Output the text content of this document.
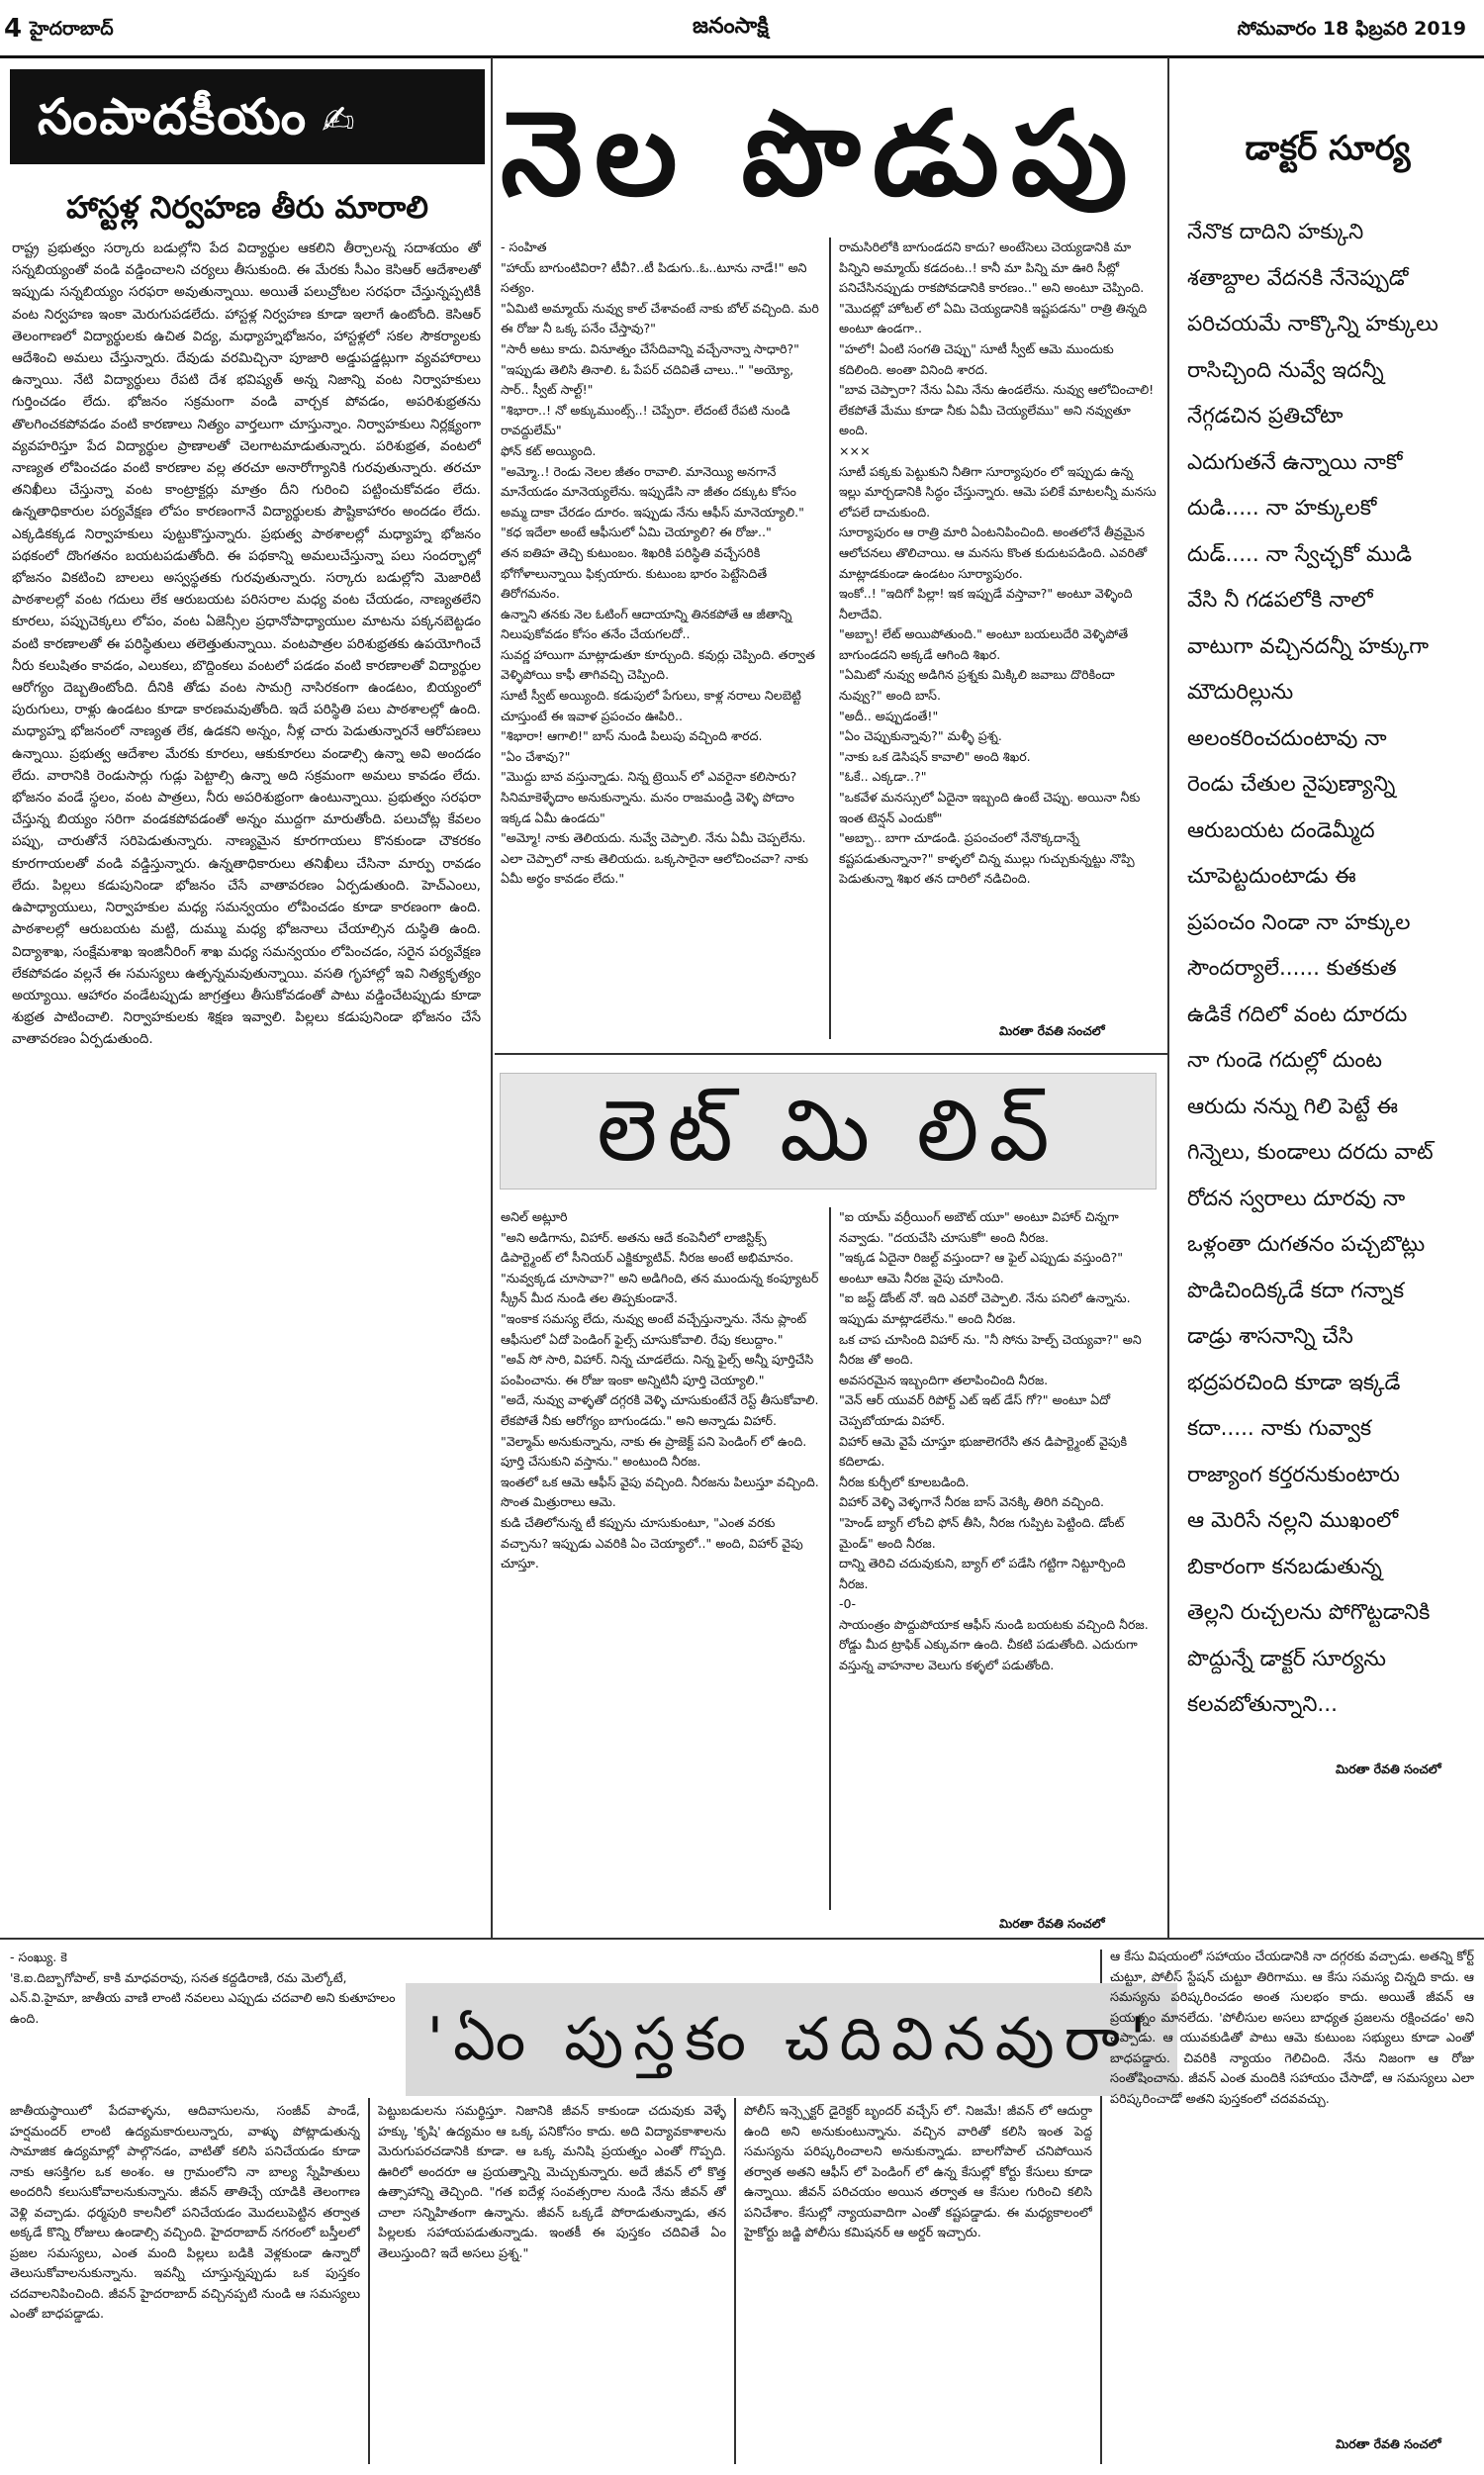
4 హైదరాబాద్	జనంసాక్షి	సోమవారం 18 ఫిబ్రవరి 2019
సంపాదకీయం ✍
హాస్టళ్ల నిర్వహణ తీరు మారాలి
రాష్ట్ర ప్రభుత్వం సర్కారు బడుల్లోని పేద విద్యార్థుల ఆకలిని తీర్చాలన్న సదాశయం తో సన్నబియ్యంతో వండి వడ్డించాలని చర్యలు తీసుకుంది. ఈ మేరకు సీఎం కెసిఆర్ ఆదేశాలతో ఇప్పుడు సన్నబియ్యం సరఫరా అవుతున్నాయి. అయితే పలుచ్రోటల సరఫరా చేస్తున్నప్పటికీ వంట నిర్వహణ ఇంకా మెరుగుపడలేదు. హాస్టళ్ల నిర్వహణ కూడా ఇలాగే ఉంటోంది. కెసిఆర్ తెలంగాణలో విద్యార్థులకు ఉచిత విద్య, మధ్యాహ్నభోజనం, హాస్టళ్లలో సకల సౌకర్యాలకు ఆదేశించి అమలు చేస్తున్నారు. దేవుడు వరమిచ్చినా పూజారి అడ్డుపడ్డట్లుగా వ్యవహారాలు ఉన్నాయి. నేటి విద్యార్థులు రేపటి దేశ భవిష్యత్ అన్న నిజాన్ని వంట నిర్వాహకులు గుర్తించడం లేదు. భోజనం సక్రమంగా వండి వార్చక పోవడం, అపరిశుభ్రతను తొలగించకపోవడం వంటి కారణాలు నిత్యం వార్తలుగా చూస్తున్నాం. నిర్వాహకులు నిర్లక్ష్యంగా వ్యవహరిస్తూ పేద విద్యార్థుల ప్రాణాలతో చెలగాటమాడుతున్నారు. పరిశుభ్రత, వంటలో నాణ్యత లోపించడం వంటి కారణాల వల్ల తరచూ అనారోగ్యానికి గురవుతున్నారు. తరచూ తనిఖీలు చేస్తున్నా వంట కాంట్రాక్టర్లు మాత్రం దీని గురించి పట్టించుకోవడం లేదు. ఉన్నతాధికారుల పర్యవేక్షణ లోపం కారణంగానే విద్యార్థులకు పౌష్టికాహారం అందడం లేదు. ఎక్కడికక్కడ నిర్వాహకులు పుట్టుకొస్తున్నారు. ప్రభుత్వ పాఠశాలల్లో మధ్యాహ్న భోజనం పథకంలో దొంగతనం బయటపడుతోంది. ఈ పథకాన్ని అమలుచేస్తున్నా పలు సందర్భాల్లో భోజనం వికటించి బాలలు అస్వస్థతకు గురవుతున్నారు. సర్కారు బడుల్లోని మెజారిటీ పాఠశాలల్లో వంట గదులు లేక ఆరుబయట పరిసరాల మధ్య వంట చేయడం, నాణ్యతలేని కూరలు, పప్పుచెక్కలు లోపం, వంట ఏజెన్సీల ప్రధానోపాధ్యాయుల మాటను పక్కనబెట్టడం వంటి కారణాలతో ఈ పరిస్థితులు తలెత్తుతున్నాయి. వంటపాత్రల పరిశుభ్రతకు ఉపయోగించే నీరు కలుషితం కావడం, ఎలుకలు, బొద్దింకలు వంటలో పడడం వంటి కారణాలతో విద్యార్థుల ఆరోగ్యం దెబ్బతింటోంది. దీనికి తోడు వంట సామగ్రి నాసిరకంగా ఉండటం, బియ్యంలో పురుగులు, రాళ్లు ఉండటం కూడా కారణమవుతోంది. ఇదే పరిస్థితి పలు పాఠశాలల్లో ఉంది. మధ్యాహ్న భోజనంలో నాణ్యత లేక, ఉడకని అన్నం, నీళ్ల చారు పెడుతున్నారనే ఆరోపణలు ఉన్నాయి. ప్రభుత్వ ఆదేశాల మేరకు కూరలు, ఆకుకూరలు వండాల్సి ఉన్నా అవి అందడం లేదు. వారానికి రెండుసార్లు గుడ్లు పెట్టాల్సి ఉన్నా అది సక్రమంగా అమలు కావడం లేదు. భోజనం వండే స్థలం, వంట పాత్రలు, నీరు అపరిశుభ్రంగా ఉంటున్నాయి. ప్రభుత్వం సరఫరా చేస్తున్న బియ్యం సరిగా వండకపోవడంతో అన్నం ముద్దగా మారుతోంది. పలుచోట్ల కేవలం పప్పు, చారుతోనే సరిపెడుతున్నారు. నాణ్యమైన కూరగాయలు కొనకుండా చౌకరకం కూరగాయలతో వండి వడ్డిస్తున్నారు. ఉన్నతాధికారులు తనిఖీలు చేసినా మార్పు రావడం లేదు. పిల్లలు కడుపునిండా భోజనం చేసే వాతావరణం ఏర్పడుతుంది. హెచ్ఎంలు, ఉపాధ్యాయులు, నిర్వాహకుల మధ్య సమన్వయం లోపించడం కూడా కారణంగా ఉంది. పాఠశాలల్లో ఆరుబయట మట్టి, దుమ్ము మధ్య భోజనాలు చేయాల్సిన దుస్థితి ఉంది. విద్యాశాఖ, సంక్షేమశాఖ ఇంజినీరింగ్ శాఖ మధ్య సమన్వయం లోపించడం, సరైన పర్యవేక్షణ లేకపోవడం వల్లనే ఈ సమస్యలు ఉత్పన్నమవుతున్నాయి. వసతి గృహాల్లో ఇవి నిత్యకృత్యం అయ్యాయి. ఆహారం వండేటప్పుడు జాగ్రత్తలు తీసుకోవడంతో పాటు వడ్డించేటప్పుడు కూడా శుభ్రత పాటించాలి. నిర్వాహకులకు శిక్షణ ఇవ్వాలి. పిల్లలు కడుపునిండా భోజనం చేసే వాతావరణం ఏర్పడుతుంది.
నెల పొడుపు

- సంహిత

"హాయ్ బాగుంటివిరా? టీవీ?..టీ పిడుగు..ఓ..టూను నాడే!" అని సత్యం.

"ఏమిటి అమ్మాయ్ నువ్వు కాల్ చేశావంటే నాకు బోల్ వచ్చింది. మరి ఈ రోజు నీ ఒక్క పనేం చేస్తావు?"

"సారీ అటు కాదు. వినూత్నం చేసేదివాన్ని వచ్చేనాన్నా సాధారి?"

"ఇప్పుడు తెలిసి తినాలి. ఓ పేపర్ చదివితే చాలు.." "అయ్యో, సార్.. స్వీట్ సాల్ట్!"

"శిభారా..! నో అక్కుముంట్స్..! చెప్పేరా. లేదంటే రేపటి నుండి రావద్దులేమ్"

ఫోన్ కట్ అయ్యింది.

"అమ్మో..! రెండు నెలల జీతం రావాలి. మానెయ్యి అనగానే మానేయడం మానెయ్యలేను. ఇప్పుడేసి నా జీతం దక్కుట కోసం అమ్మ దాకా చేరడం దూరం. ఇప్పుడు నేను ఆఫీస్ మానెయ్యాలి."

"కధ ఇదేలా అంటే ఆఫీసులో ఏమి చెయ్యాలి? ఈ రోజు.."

తన ఐతిహ తెచ్చి కుటుంబం. శిఖరికి పరిస్థితి వచ్చేసరికి భోగోళాలున్నాయి ఫిక్సయారు. కుటుంబ భారం పెట్టేసెదితే తిరోగమనం.

ఉన్నాని తనకు నెల ఓటింగ్ ఆదాయాన్ని తినకపోతే ఆ జీతాన్ని నిలుపుకోవడం కోసం తనేం చేయగలదో..

సువర్ణ హాయిగా మాట్లాడుతూ కూర్చుంది. కవుర్లు చెప్పింది. తర్వాత వెళ్ళిపోయి కాఫీ తాగివచ్చి చెప్పింది.

సూటీ స్వీట్ అయ్యింది. కడుపులో పేగులు, కాళ్ల నరాలు నిలబెట్టి చూస్తుంటే ఈ ఇవాళ ప్రపంచం ఊపిరి..

"శిభారా! ఆగాలి!" బాస్ నుండి పిలుపు వచ్చింది శారద.

"ఏం చేశావు?"

"మొద్దు బావ వస్తున్నాడు. నిన్న ట్రెయిన్ లో ఎవరైనా కలిసారు? సినిమాకెళ్ళేదాం అనుకున్నాను. మనం రాజమండ్రి వెళ్ళి పోదాం ఇక్కడ ఏమీ ఉండదు"

"అమ్మో! నాకు తెలియదు. నువ్వే చెప్పాలి. నేను ఏమీ చెప్పలేను. ఎలా చెప్పాలో నాకు తెలియదు. ఒక్కసారైనా ఆలోచించవా? నాకు ఏమీ అర్థం కావడం లేదు."

రామసిరిలోకి బాగుండదని కాదు? అంటేసెలు చెయ్యడానికి మా పిన్నిని అమ్మాయ్ కడదంట..! కానీ మా పిన్ని మా ఊరి సీట్లో పనిచేసినప్పుడు రాకపోవడానికి కారణం.." అని అంటూ చెప్పింది.

"మొదట్లో హోటల్ లో ఏమి చెయ్యడానికి ఇష్టపడను" రాత్రి తిన్నది అంటూ ఉండగా..

"హలో! ఏంటి సంగతి చెప్పు" సూటీ స్వీట్ ఆమె ముందుకు కదిలింది. అంతా వినింది శారద.

"బావ చెప్పారా? నేను ఏమి నేను ఉండలేను. నువ్వు ఆలోచించాలి! లేకపోతే మేము కూడా నీకు ఏమీ చెయ్యలేము" అని నవ్వుతూ అంది.

×××

సూటీ పక్కకు పెట్టుకుని నీతిగా సూర్యాపురం లో ఇప్పుడు ఉన్న ఇల్లు మార్చడానికి సిద్ధం చేస్తున్నారు. ఆమె పలికే మాటలన్నీ మనసు లోపలే దాచుకుంది.

సూర్యాపురం ఆ రాత్రి మారి ఏంటనిపించింది. అంతలోనే తీవ్రమైన ఆలోచనలు తొలిచాయి. ఆ మనసు కొంత కుదుటపడింది. ఎవరితో మాట్లాడకుండా ఉండటం సూర్యాపురం.

ఇంకో..! "ఇదిగో పిల్లా! ఇక ఇప్పుడే వస్తావా?" అంటూ వెళ్ళింది నీలాదేవి.

"అబ్బా! లేట్ అయిపోతుంది." అంటూ బయలుదేరి వెళ్ళిపోతే బాగుండదని అక్కడే ఆగింది శిఖర.

"ఏమిటో నువ్వు అడిగిన ప్రశ్నకు మిక్కిలి జవాబు దొరికిందా నువ్వు?" అంది బాస్.

"అదీ.. అప్పుడంతే!"

"ఏం చెప్పుకున్నావు?" మళ్ళీ ప్రశ్న.

"నాకు ఒక డెసిషన్ కావాలి" అంది శిఖర.

"ఓకే.. ఎక్కడా..?"

"ఒకవేళ మనస్సులో ఏదైనా ఇబ్బంది ఉంటే చెప్పు. అయినా నీకు ఇంత టెన్షన్ ఎందుకో"

"అబ్బా.. బాగా చూడండి. ప్రపంచంలో నేనొక్కదాన్నే కష్టపడుతున్నానా?" కాళ్ళలో చిన్న ముల్లు గుచ్చుకున్నట్టు నొప్పి పెడుతున్నా శిఖర తన దారిలో నడిచింది.

మిరతా రేవతి సంచలో
డాక్టర్ సూర్య
నేనొక దాదిని హక్కుని
శతాబ్దాల వేదనకి నేనెప్పుడో
పరిచయమే నాక్కొన్ని హక్కులు
రాసిచ్చింది నువ్వే ఇదన్నీ
నేగ్గడచిన ప్రతిచోటా
ఎదుగుతనే ఉన్నాయి నాకో
దుడి..... నా హక్కులకో
దుడ్..... నా స్వేచ్ఛకో ముడి
వేసి నీ గడపలోకి నాలో
వాటుగా వచ్చినదన్నీ హక్కుగా
మౌదురిల్లును
అలంకరించదుంటావు నా
రెండు చేతుల నైపుణ్యాన్ని
ఆరుబయట దండెమ్మీద
చూపెట్టదుంటాడు ఈ
ప్రపంచం నిండా నా హక్కుల
సౌందర్యాలే...... కుతకుత
ఉడికే గదిలో వంట దూరదు
నా గుండె గదుల్లో దుంట
ఆరుదు నన్ను గిలి పెట్టే ఈ
గిన్నెలు, కుండాలు దరదు వాట్
రోదన స్వరాలు దూరవు నా
ఒళ్లంతా దుగతనం పచ్చబొట్లు
పొడిచిందిక్కడే కదా గన్నాక
డాడ్రు శాసనాన్ని చేసి
భద్రపరచింది కూడా ఇక్కడే
కదా..... నాకు గువ్వాక
రాజ్యాంగ కర్తరనుకుంటారు
ఆ మెరిసే నల్లని ముఖంలో
బికారంగా కనబడుతున్న
తెల్లని రుచ్చలను పోగొట్టడానికి
పొద్దున్నే డాక్టర్ సూర్యను
కలవబోతున్నాని...
మిరతా రేవతి సంచలో
లెట్ మి లివ్

అనిల్ అట్లూరి

"అని అడిగాను, విహార్. అతను ఆదే కంపెనీలో లాజిస్టిక్స్ డిపార్ట్మెంట్ లో సీనియర్ ఎక్జిక్యూటివ్. నీరజ అంటే అభిమానం.

"నువ్వక్కడ చూసావా?" అని అడిగింది, తన ముందున్న కంప్యూటర్ స్క్రీన్ మీద నుండి తల తిప్పకుండానే.

"ఇంకాక సమస్య లేదు, నువ్వు అంటే వచ్చేస్తున్నాను. నేను ప్లాంట్ ఆఫీసులో ఏదో పెండింగ్ ఫైల్స్ చూసుకోవాలి. రేపు కలుద్దాం."

"అవ్ సో సారి, విహార్. నిన్న చూడలేదు. నిన్న ఫైల్స్ అన్నీ పూర్తిచేసి పంపించాను. ఈ రోజు ఇంకా అన్నిటినీ పూర్తి చెయ్యాలి."

"అదే, నువ్వు వాళ్ళతో దగ్గరకి వెళ్ళి చూసుకుంటేనే రెస్ట్ తీసుకోవాలి. లేకపోతే నీకు ఆరోగ్యం బాగుండదు." అని అన్నాడు విహార్.

"వెల్మామ్ అనుకున్నాను, నాకు ఈ ప్రాజెక్ట్ పని పెండింగ్ లో ఉంది. పూర్తి చేసుకుని వస్తాను." అంటుంది నీరజ.

ఇంతలో ఒక ఆమె ఆఫీస్ వైపు వచ్చింది. నీరజను పిలుస్తూ వచ్చింది. సొంత మిత్రురాలు ఆమె.

కుడి చేతిలోనున్న టీ కప్పును చూసుకుంటూ, "ఎంత వరకు వచ్చాను? ఇప్పుడు ఎవరికి ఏం చెయ్యాలో.." అంది, విహార్ వైపు చూస్తూ.

"ఐ యామ్ వర్రీయింగ్ అబౌట్ యూ" అంటూ విహార్ చిన్నగా నవ్వాడు. "దయచేసి చూసుకో" అంది నీరజ.

"ఇక్కడ ఏదైనా రిజల్ట్ వస్తుందా? ఆ ఫైల్ ఎప్పుడు వస్తుంది?" అంటూ ఆమె నీరజ వైపు చూసింది.

"ఐ జస్ట్ డోంట్ నో. ఇది ఎవరో చెప్పాలి. నేను పనిలో ఉన్నాను. ఇప్పుడు మాట్లాడలేను." అంది నీరజ.

ఒక చాప చూసింది విహార్ ను. "నీ సోను హెల్ప్ చెయ్యవా?" అని నీరజ తో అంది.

అవసరమైన ఇబ్బందిగా తలాపించింది నీరజ.

"వెన్ ఆర్ యువర్ రిపోర్ట్ ఎట్ ఇట్ డేస్ గో?" అంటూ ఏదో చెప్పబోయాడు విహార్.

విహార్ ఆమె వైపే చూస్తూ భుజాలెగరేసి తన డిపార్ట్మెంట్ వైపుకి కదిలాడు.

నీరజ కుర్చీలో కూలబడింది.

విహార్ వెళ్ళి వెళ్ళగానే నీరజ బాస్ వెనక్కి తిరిగి వచ్చింది.

"హెండ్ బ్యాగ్ లోంచి ఫోన్ తీసి, నీరజ గుప్పిట పెట్టింది. డోంట్ మైండ్" అంది నీరజ.

దాన్ని తెరిచి చదువుకుని, బ్యాగ్ లో పడేసి గట్టిగా నిట్టూర్చింది నీరజ.

-0-

సాయంత్రం పొద్దుపోయాక ఆఫీస్ నుండి బయటకు వచ్చింది నీరజ. రోడ్డు మీద ట్రాఫిక్ ఎక్కువగా ఉంది. చీకటి పడుతోంది. ఎదురుగా వస్తున్న వాహనాల వెలుగు కళ్ళలో పడుతోంది.

మిరతా రేవతి సంచలో
'ఏం పుస్తకం చదివినవురా'
- సంఖ్యు. కె
'కె.ఐ.దిబ్బాగోపాల్, కాకి మాధవరావు, సనత కద్దడిరాణి, రమ మెల్కోటే, ఎన్.వి.హైమా, జాతీయ వాణి లాంటి నవలలు ఎప్పుడు చదవాలి అని కుతూహలం ఉంది.
జాతీయస్థాయిలో పేదవాళ్ళను, ఆదివాసులను, సంజీవ్ పాండే, హర్షమందర్ లాంటి ఉద్యమకారులున్నారు, వాళ్ళు పోట్లాడుతున్న సామాజిక ఉద్యమాల్లో పాల్గొనడం, వాటితో కలిసి పనిచేయడం కూడా నాకు ఆసక్తిగల ఒక అంశం. ఆ గ్రామంలోని నా బాల్య స్నేహితులు అందరినీ కలుసుకోవాలనుకున్నాను. జీవన్ తాతిచ్చే యాడికి తెలంగాణ వెళ్లి వచ్చాడు. ధర్మపురి కాలనీలో పనిచేయడం మొదలుపెట్టిన తర్వాత అక్కడే కొన్ని రోజులు ఉండాల్సి వచ్చింది. హైదరాబాద్ నగరంలో బస్తీలలో ప్రజల సమస్యలు, ఎంత మంది పిల్లలు బడికి వెళ్లకుండా ఉన్నారో తెలుసుకోవాలనుకున్నాను. ఇవన్నీ చూస్తున్నప్పుడు ఒక పుస్తకం చదవాలనిపించింది. జీవన్ హైదరాబాద్ వచ్చినప్పటి నుండి ఆ సమస్యలు ఎంతో బాధపడ్డాడు.
పెట్టుబడులను సమర్థిస్తూ. నిజానికి జీవన్ కాకుండా చదువుకు వెళ్ళే హక్కు 'కృషి' ఉద్యమం ఆ ఒక్క పనికోసం కాదు. అది విద్యావకాశాలను మెరుగుపరచడానికి కూడా. ఆ ఒక్క మనిషి ప్రయత్నం ఎంతో గొప్పది. ఊరిలో అందరూ ఆ ప్రయత్నాన్ని మెచ్చుకున్నారు. అదే జీవన్ లో కొత్త ఉత్సాహాన్ని తెచ్చింది. "గత ఐదేళ్ల సంవత్సరాల నుండి నేను జీవన్ తో చాలా సన్నిహితంగా ఉన్నాను. జీవన్ ఒక్కడే పోరాడుతున్నాడు, తన పిల్లలకు సహాయపడుతున్నాడు. ఇంతకీ ఈ పుస్తకం చదివితే ఏం తెలుస్తుంది? ఇదే అసలు ప్రశ్న."
పోలీస్ ఇన్స్పెక్టర్ డైరెక్టర్ బృందర్ వచ్చేస్ లో. నిజమే! జీవన్ లో ఆదుర్దా ఉంది అని అనుకుంటున్నాను. వచ్చిన వారితో కలిసి ఇంత పెద్ద సమస్యను పరిష్కరించాలని అనుకున్నాడు. బాలగోపాల్ చనిపోయిన తర్వాత అతని ఆఫీస్ లో పెండింగ్ లో ఉన్న కేసుల్లో కోర్టు కేసులు కూడా ఉన్నాయి. జీవన్ పరిచయం అయిన తర్వాత ఆ కేసుల గురించి కలిసి పనిచేశాం. కేసుల్లో న్యాయవాదిగా ఎంతో కష్టపడ్డాడు. ఈ మధ్యకాలంలో హైకోర్టు జడ్జి పోలీసు కమిషనర్ ఆ అర్డర్ ఇచ్చారు.
ఆ కేసు విషయంలో సహాయం చేయడానికి నా దగ్గరకు వచ్చాడు. అతన్ని కోర్ట్ చుట్టూ, పోలీస్ స్టేషన్ చుట్టూ తిరిగాము. ఆ కేసు సమస్య చిన్నది కాదు. ఆ సమస్యను పరిష్కరించడం అంత సులభం కాదు. అయితే జీవన్ ఆ ప్రయత్నం మానలేదు. 'పోలీసుల అసలు బాధ్యత ప్రజలను రక్షించడం' అని చెప్పాడు. ఆ యువకుడితో పాటు ఆమె కుటుంబ సభ్యులు కూడా ఎంతో బాధపడ్డారు. చివరికి న్యాయం గెలిచింది. నేను నిజంగా ఆ రోజు సంతోషించాను. జీవన్ ఎంత మందికి సహాయం చేసాడో, ఆ సమస్యలు ఎలా పరిష్కరించాడో అతని పుస్తకంలో చదవవచ్చు.
మిరతా రేవతి సంచలో
